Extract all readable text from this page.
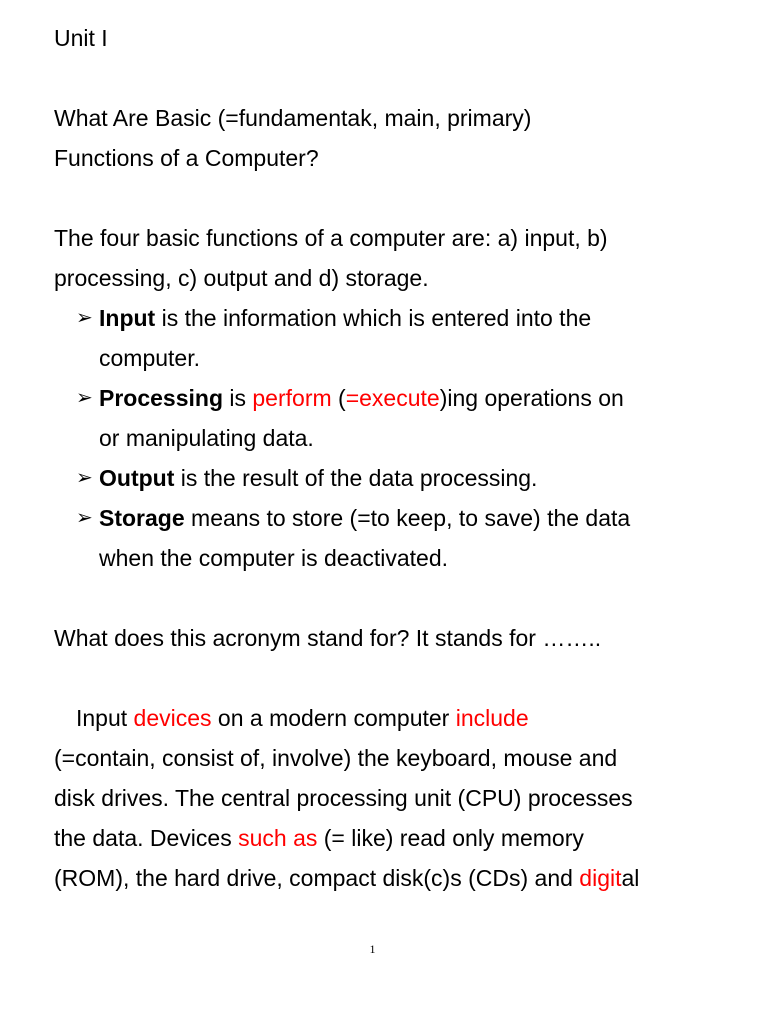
Unit I
What Are Basic (=fundamentak, main, primary)
Functions of a Computer?
The four basic functions of a computer are: a) input, b)
processing, c) output and d) storage.
➢ Input is the information which is entered into the
computer.
➢ Processing is perform (=execute)ing operations on
or manipulating data.
➢ Output is the result of the data processing.
➢ Storage means to store (=to keep, to save) the data
when the computer is deactivated.
What does this acronym stand for? It stands for ……..
Input devices on a modern computer include
(=contain, consist of, involve) the keyboard, mouse and
disk drives. The central processing unit (CPU) processes
the data. Devices such as (= like) read only memory
(ROM), the hard drive, compact disk(c)s (CDs) and digital
1
